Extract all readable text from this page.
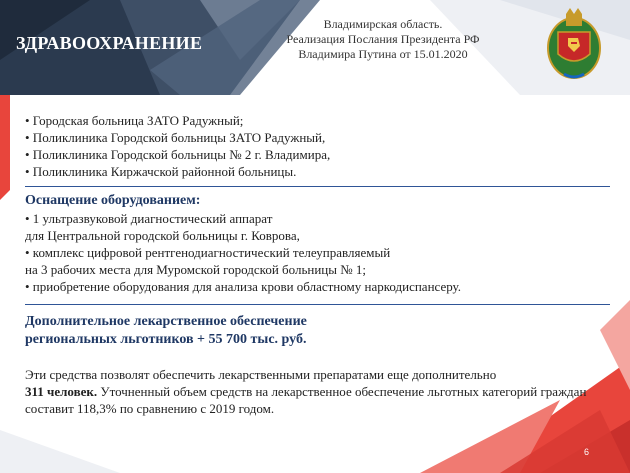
ЗДРАВООХРАНЕНИЕ
Владимирская область.
Реализация Послания Президента РФ
Владимира Путина от 15.01.2020
• Городская больница ЗАТО Радужный;
• Поликлиника Городской больницы ЗАТО Радужный,
• Поликлиника Городской больницы № 2 г. Владимира,
• Поликлиника Киржачской районной больницы.
Оснащение оборудованием:
• 1 ультразвуковой диагностический аппарат
для Центральной городской больницы г. Коврова,
• комплекс цифровой рентгенодиагностический телеуправляемый
на 3 рабочих места для Муромской городской больницы № 1;
• приобретение оборудования для анализа крови областному наркодиспансеру.
Дополнительное лекарственное обеспечение
региональных льготников + 55 700 тыс. руб.
Эти средства позволят обеспечить лекарственными препаратами еще дополнительно
311 человек. Уточненный объем средств на лекарственное обеспечение льготных категорий граждан составит 118,3% по сравнению с 2019 годом.
6
